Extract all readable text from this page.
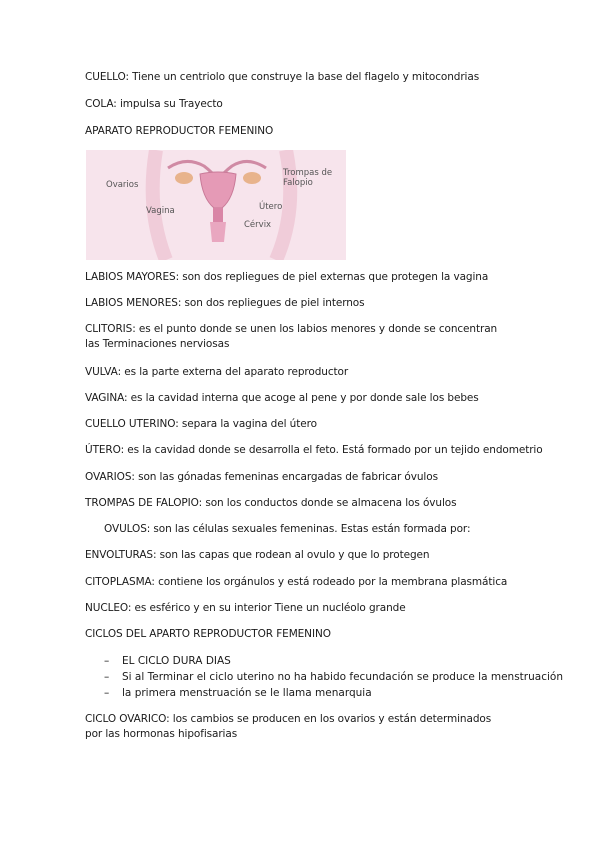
CUELLO: Tiene un centriolo que construye la base del flagelo y mitocondrias
COLA: impulsa su Trayecto
APARATO REPRODUCTOR FEMENINO
Ovarios
Trompas de Falopio
Útero
Vagina
Cérvix
LABIOS MAYORES: son dos repliegues de piel externas que protegen la vagina
LABIOS MENORES: son dos repliegues de piel internos
CLITORIS: es el punto donde se unen los labios menores y donde se concentran las Terminaciones nerviosas
VULVA: es la parte externa del aparato reproductor
VAGINA: es la cavidad interna que acoge al pene y por donde sale los bebes
CUELLO UTERINO: separa la vagina del útero
ÚTERO: es la cavidad donde se desarrolla el feto. Está formado por un tejido endometrio
OVARIOS: son las gónadas femeninas encargadas de fabricar óvulos
TROMPAS DE FALOPIO: son los conductos donde se almacena los óvulos
OVULOS: son las células sexuales femeninas. Estas están formada por:
ENVOLTURAS: son las capas que rodean al ovulo y que lo protegen
CITOPLASMA: contiene los orgánulos y está rodeado por la membrana plasmática
NUCLEO: es esférico y en su interior Tiene un nucléolo grande
CICLOS DEL APARTO REPRODUCTOR FEMENINO
– EL CICLO DURA DIAS
– Si al Terminar el ciclo uterino no ha habido fecundación se produce la menstruación
– la primera menstruación se le llama menarquia
CICLO OVARICO: los cambios se producen en los ovarios y están determinados por las hormonas hipofisarias
